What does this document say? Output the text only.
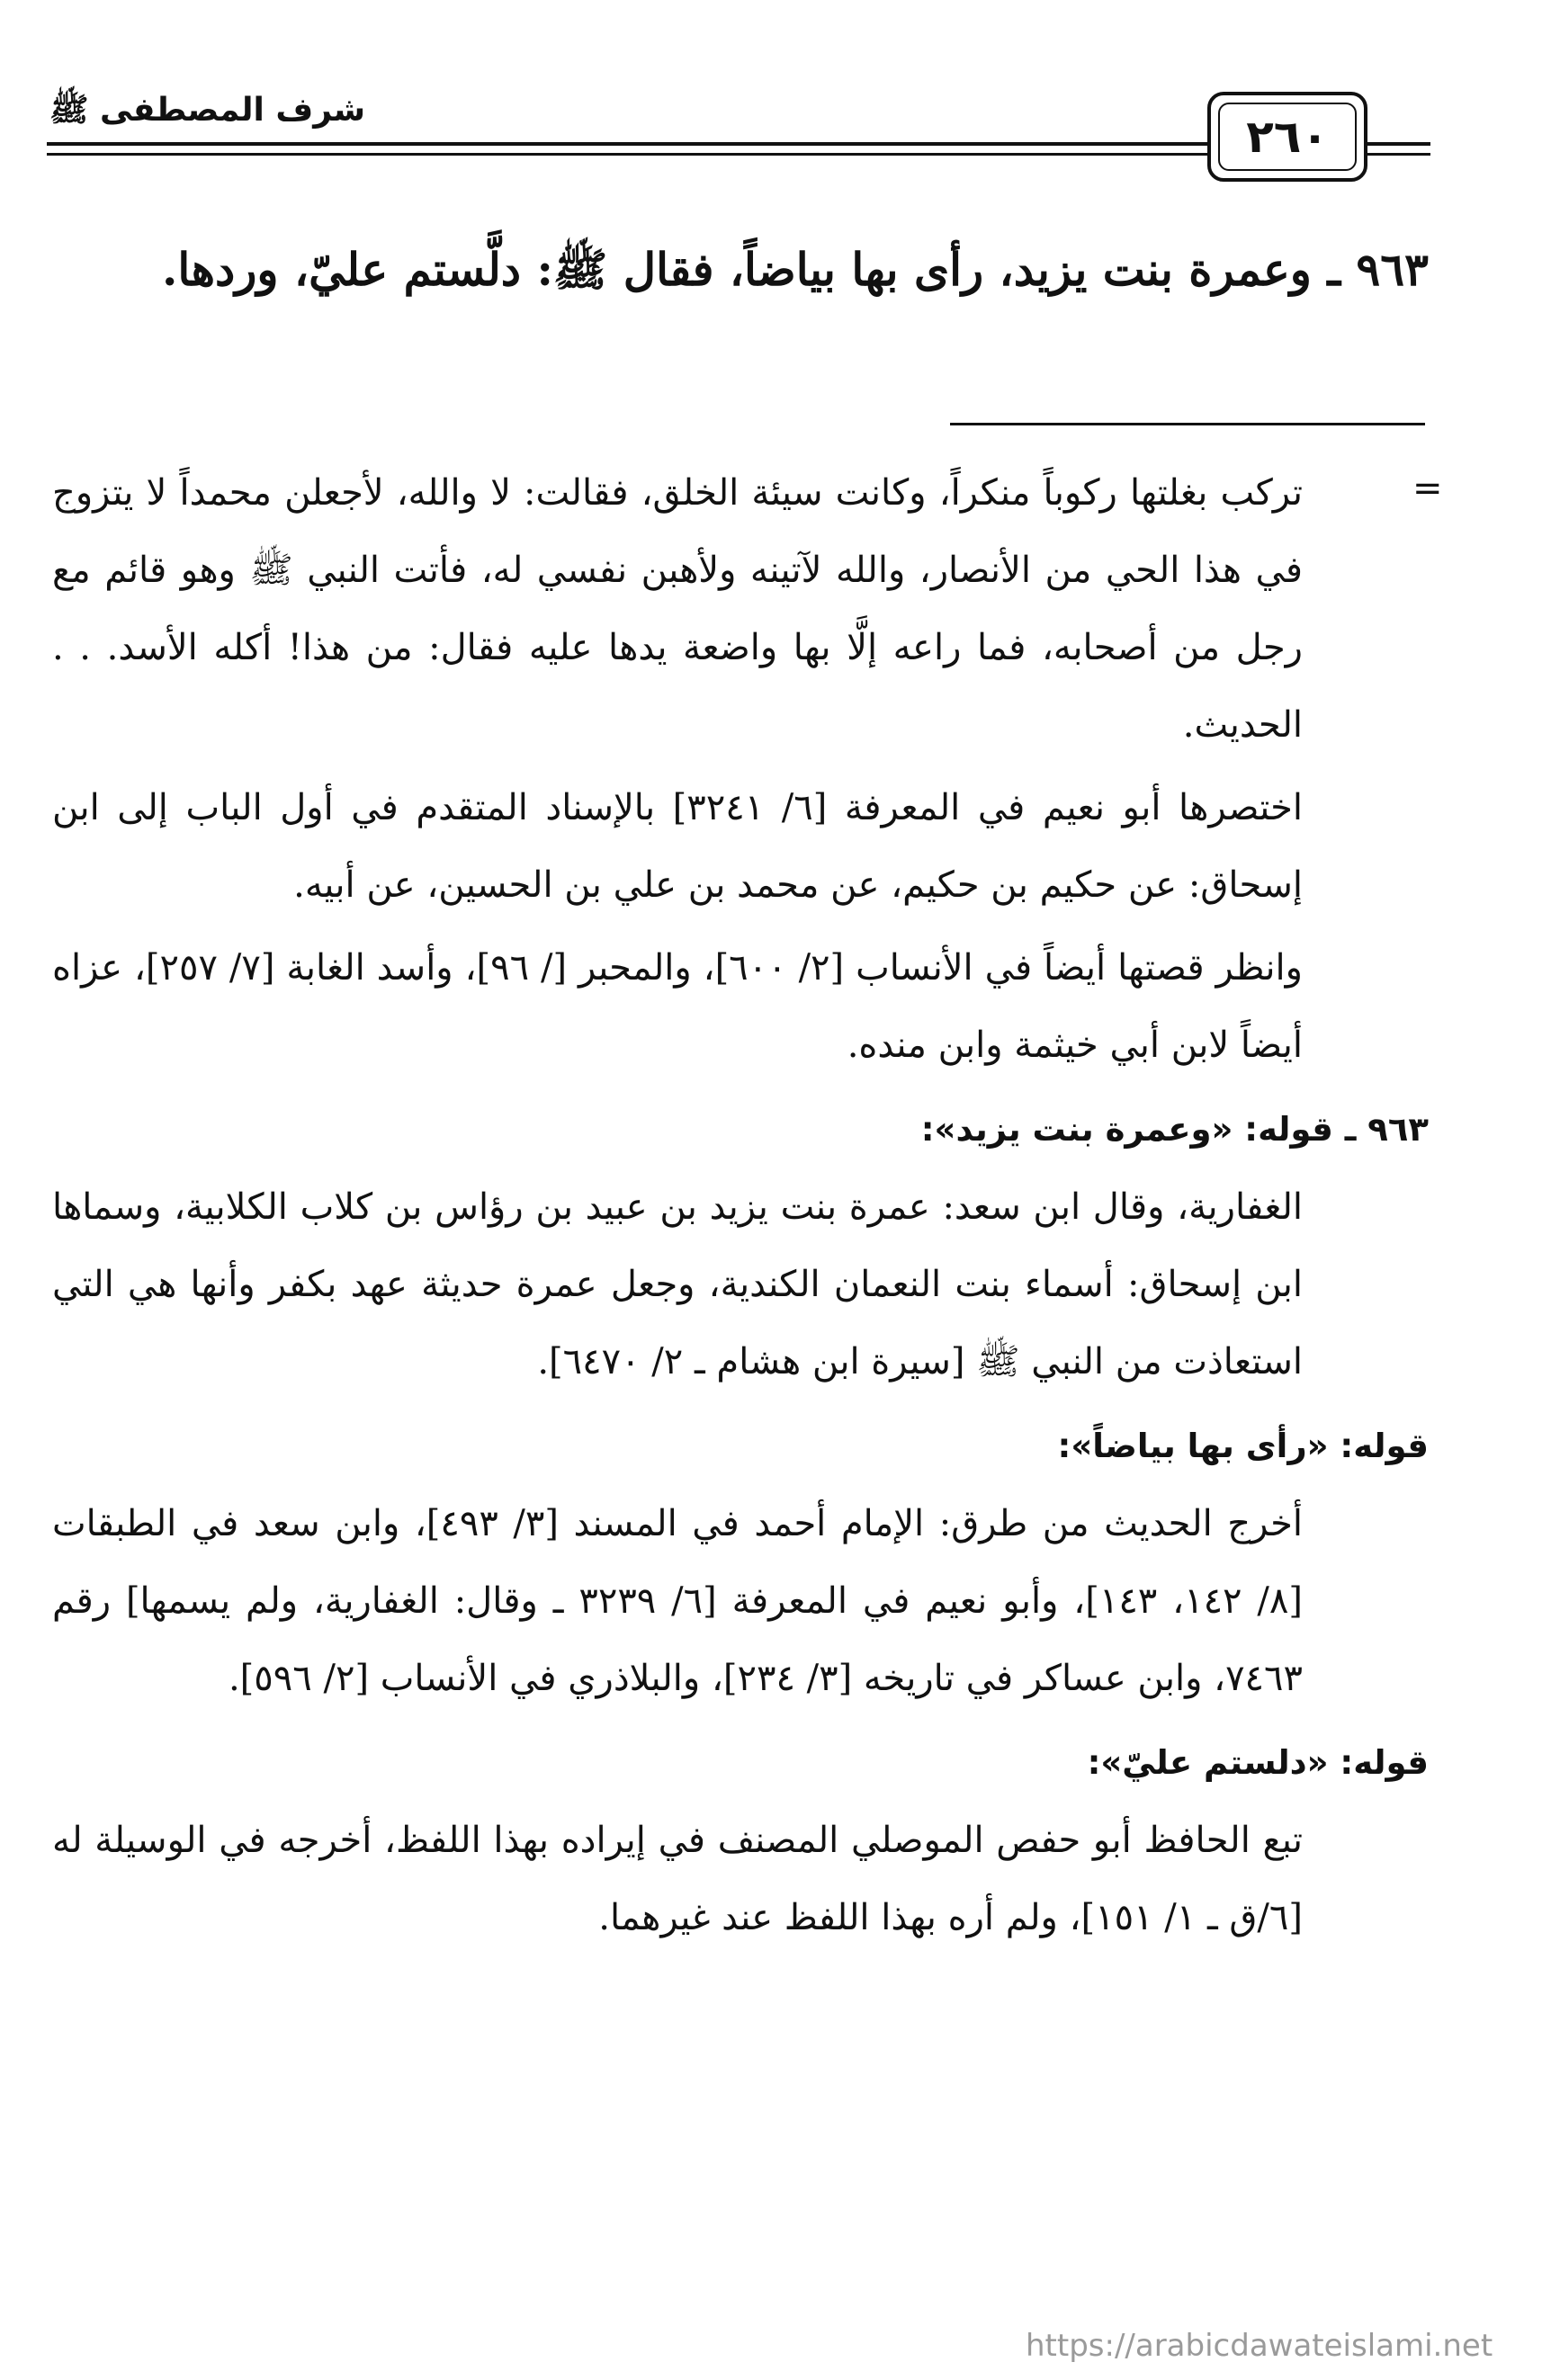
شرف المصطفى ﷺ
٢٦٠
٩٦٣ ـ وعمرة بنت يزيد، رأى بها بياضاً، فقال ﷺ: دلَّستم عليّ، وردها.
=

تركب بغلتها ركوباً منكراً، وكانت سيئة الخلق، فقالت: لا والله، لأجعلن محمداً لا يتزوج في هذا الحي من الأنصار، والله لآتينه ولأهبن نفسي له، فأتت النبي ﷺ وهو قائم مع رجل من أصحابه، فما راعه إلَّا بها واضعة يدها عليه فقال: من هذا! أكله الأسد. . . الحديث.

اختصرها أبو نعيم في المعرفة [٦/ ٣٢٤١] بالإسناد المتقدم في أول الباب إلى ابن إسحاق: عن حكيم بن حكيم، عن محمد بن علي بن الحسين، عن أبيه.

وانظر قصتها أيضاً في الأنساب [٢/ ٦٠٠]، والمحبر [/ ٩٦]، وأسد الغابة [٧/ ٢٥٧]، عزاه أيضاً لابن أبي خيثمة وابن منده.

٩٦٣ ـ قوله: «وعمرة بنت يزيد»:

الغفارية، وقال ابن سعد: عمرة بنت يزيد بن عبيد بن رؤاس بن كلاب الكلابية، وسماها ابن إسحاق: أسماء بنت النعمان الكندية، وجعل عمرة حديثة عهد بكفر وأنها هي التي استعاذت من النبي ﷺ [سيرة ابن هشام ـ ٢/ ٦٤٧٠].

قوله: «رأى بها بياضاً»:

أخرج الحديث من طرق: الإمام أحمد في المسند [٣/ ٤٩٣]، وابن سعد في الطبقات [٨/ ١٤٢، ١٤٣]، وأبو نعيم في المعرفة [٦/ ٣٢٣٩ ـ وقال: الغفارية، ولم يسمها] رقم ٧٤٦٣، وابن عساكر في تاريخه [٣/ ٢٣٤]، والبلاذري في الأنساب [٢/ ٥٩٦].

قوله: «دلستم عليّ»:

تبع الحافظ أبو حفص الموصلي المصنف في إيراده بهذا اللفظ، أخرجه في الوسيلة له [٦/ق ـ ١/ ١٥١]، ولم أره بهذا اللفظ عند غيرهما.

https://arabicdawateislami.net
